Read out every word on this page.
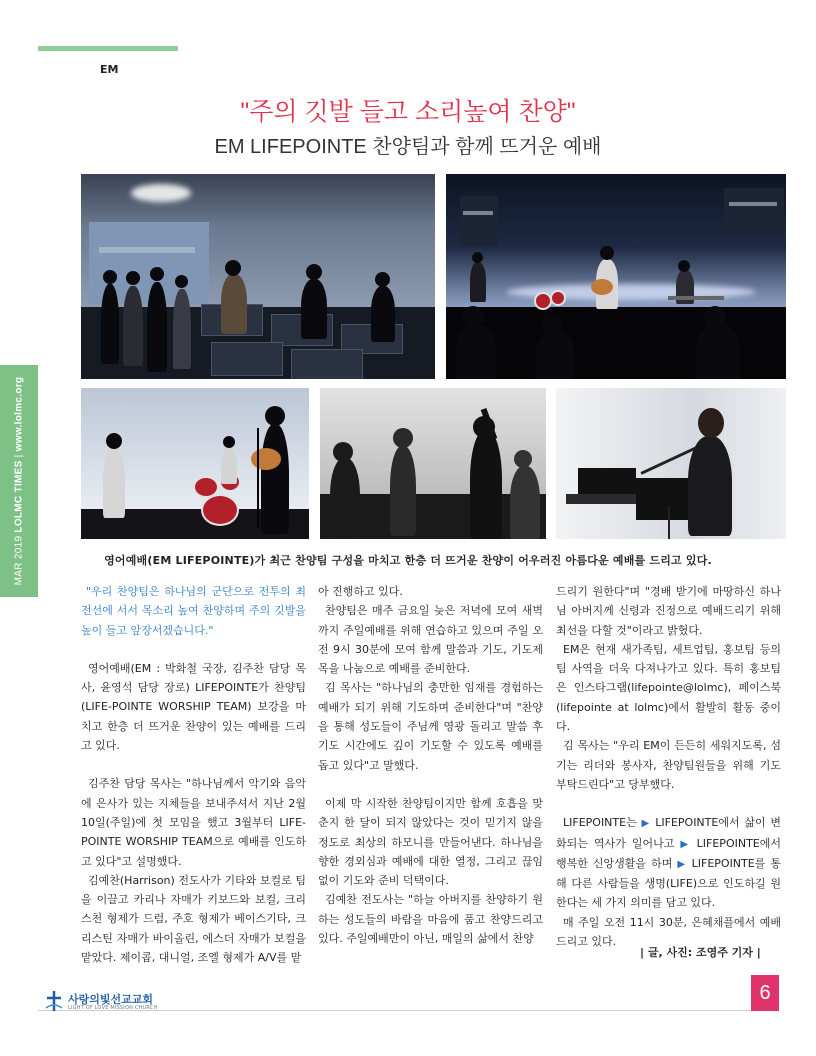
EM
MAR 2019 LOLMC TIMES | www.lolmc.org
"주의 깃발 들고 소리높여 찬양"
EM LIFEPOINTE 찬양팀과 함께 뜨거운 예배
영어예배(EM LIFEPOINTE)가 최근 찬양팀 구성을 마치고 한층 더 뜨거운 찬양이 어우러진 아름다운 예배를 드리고 있다.

"우리 찬양팀은 하나님의 군단으로 전투의 최전선에 서서 목소리 높여 찬양하며 주의 깃발을 높이 들고 앞장서겠습니다."

영어예배(EM : 박화철 국장, 김주찬 담당 목사, 윤영석 담당 장로) LIFEPOINTE가 찬양팀(LIFE-POINTE WORSHIP TEAM) 보강을 마치고 한층 더 뜨거운 찬양이 있는 예배를 드리고 있다.

김주찬 담당 목사는 "하나님께서 악기와 음악에 은사가 있는 지체들을 보내주셔서 지난 2월 10일(주일)에 첫 모임을 했고 3월부터 LIFE-POINTE WORSHIP TEAM으로 예배를 인도하고 있다"고 설명했다.

김예찬(Harrison) 전도사가 기타와 보컬로 팀을 이끌고 카리나 자매가 키보드와 보컬, 크리스천 형제가 드럼, 주호 형제가 베이스기타, 크리스틴 자매가 바이올린, 에스더 자매가 보컬을 맡았다. 제이콥, 대니얼, 조엘 형제가 A/V를 맡

아 진행하고 있다.

찬양팀은 매주 금요일 늦은 저녁에 모여 새벽까지 주일예배를 위해 연습하고 있으며 주일 오전 9시 30분에 모여 함께 말씀과 기도, 기도제목을 나눔으로 예배를 준비한다.

김 목사는 "하나님의 충만한 임재를 경험하는 예배가 되기 위해 기도하며 준비한다"며 "찬양을 통해 성도들이 주님께 영광 돌리고 말씀 후 기도 시간에도 깊이 기도할 수 있도록 예배를 돕고 있다"고 말했다.

이제 막 시작한 찬양팀이지만 함께 호흡을 맞춘지 한 달이 되지 않았다는 것이 믿기지 않을 정도로 최상의 하모니를 만들어낸다. 하나님을 향한 경외심과 예배에 대한 열정, 그리고 끊임없이 기도와 준비 덕택이다.

김예찬 전도사는 "하늘 아버지를 찬양하기 원하는 성도들의 바람을 마음에 품고 찬양드리고 있다. 주일예배만이 아닌, 매일의 삶에서 찬양

드리기 원한다"며 "경배 받기에 마땅하신 하나님 아버지께 신령과 진정으로 예배드리기 위해 최선을 다할 것"이라고 밝혔다.

EM은 현재 새가족팀, 세트업팀, 홍보팀 등의 팀 사역을 더욱 다져나가고 있다. 특히 홍보팀은 인스타그램(lifepointe@lolmc), 페이스북(lifepointe at lolmc)에서 활발히 활동 중이다.

김 목사는 "우리 EM이 든든히 세워지도록, 섬기는 리더와 봉사자, 찬양팀원들을 위해 기도 부탁드린다"고 당부했다.

LIFEPOINTE는 ▶ LIFEPOINTE에서 삶이 변화되는 역사가 일어나고 ▶ LIFEPOINTE에서 행복한 신앙생활을 하며 ▶ LIFEPOINTE를 통해 다른 사람들을 생명(LIFE)으로 인도하길 원한다는 세 가지 의미를 담고 있다.

매 주일 오전 11시 30분, 은혜채플에서 예배드리고 있다.

| 글, 사진: 조영주 기자 |
사랑의빛선교교회
LIGHT OF LOVE MISSION CHURCH
6
